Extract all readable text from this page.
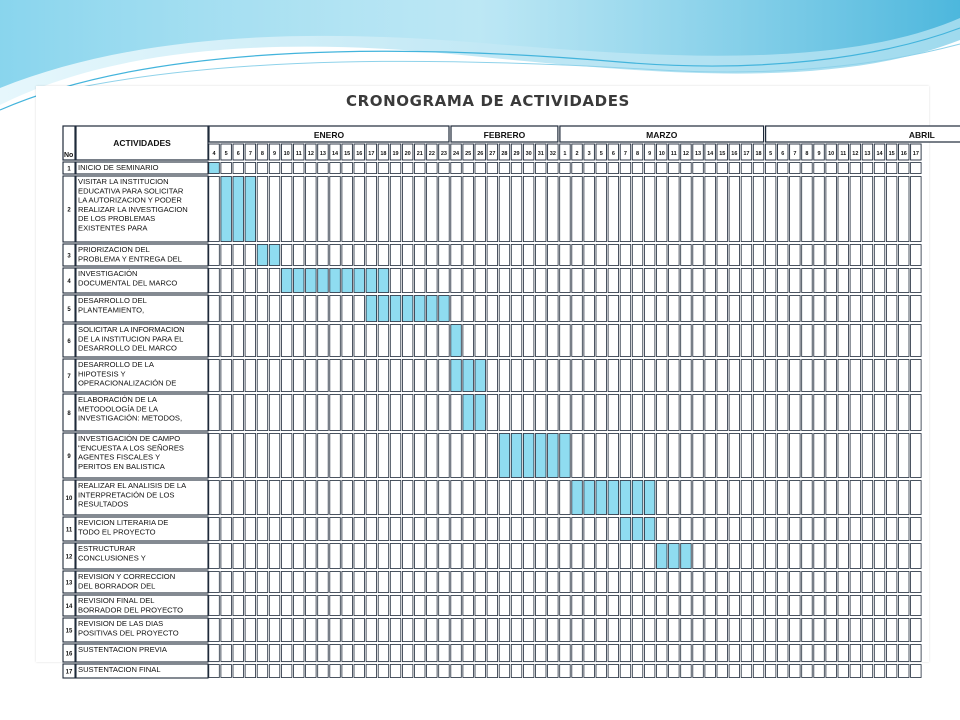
CRONOGRAMA DE ACTIVIDADES
No
ACTIVIDADES
ENERO
4 5 6 7 8 9 10 11 12 13 14 15 16 17 18 19 20 21 22 23
FEBRERO
24 25 26 27 28 29 30 31 32
MARZO
1 2 3 5 6 7 8 9 10 11 12 13 14 15 16 17 18
ABRIL
5 6 7 8 9 10 11 12 13 14 15 16 17
1 INICIO DE SEMINARIO
2
VISITAR LA INSTITUCION
EDUCATIVA PARA SOLICITAR
LA AUTORIZACION Y PODER
REALIZAR LA INVESTIGACION
DE LOS PROBLEMAS
EXISTENTES PARA
3
PRIORIZACION DEL
PROBLEMA Y ENTREGA DEL
4
INVESTIGACIÓN
DOCUMENTAL DEL MARCO
5
DESARROLLO DEL
PLANTEAMIENTO,
6
SOLICITAR LA INFORMACION
DE LA INSTITUCION PARA EL
DESARROLLO DEL MARCO
7
DESARROLLO DE LA
HIPOTESIS Y
OPERACIONALIZACIÓN DE
8
ELABORACIÓN DE LA
METODOLOGÍA DE LA
INVESTIGACIÓN: METODOS,
9
INVESTIGACIÓN DE CAMPO
"ENCUESTA A LOS SEÑORES
AGENTES FISCALES Y
PERITOS EN BALISTICA
10
REALIZAR EL ANALISIS DE LA
INTERPRETACIÓN DE LOS
RESULTADOS
11
REVICION LITERARIA DE
TODO EL PROYECTO
12
ESTRUCTURAR
CONCLUSIONES Y
13
REVISION Y CORRECCION
DEL BORRADOR DEL
14
REVISION FINAL DEL
BORRADOR DEL PROYECTO
15
REVISION DE LAS DIAS
POSITIVAS DEL PROYECTO
16
SUSTENTACION PREVIA
17 SUSTENTACION FINAL
